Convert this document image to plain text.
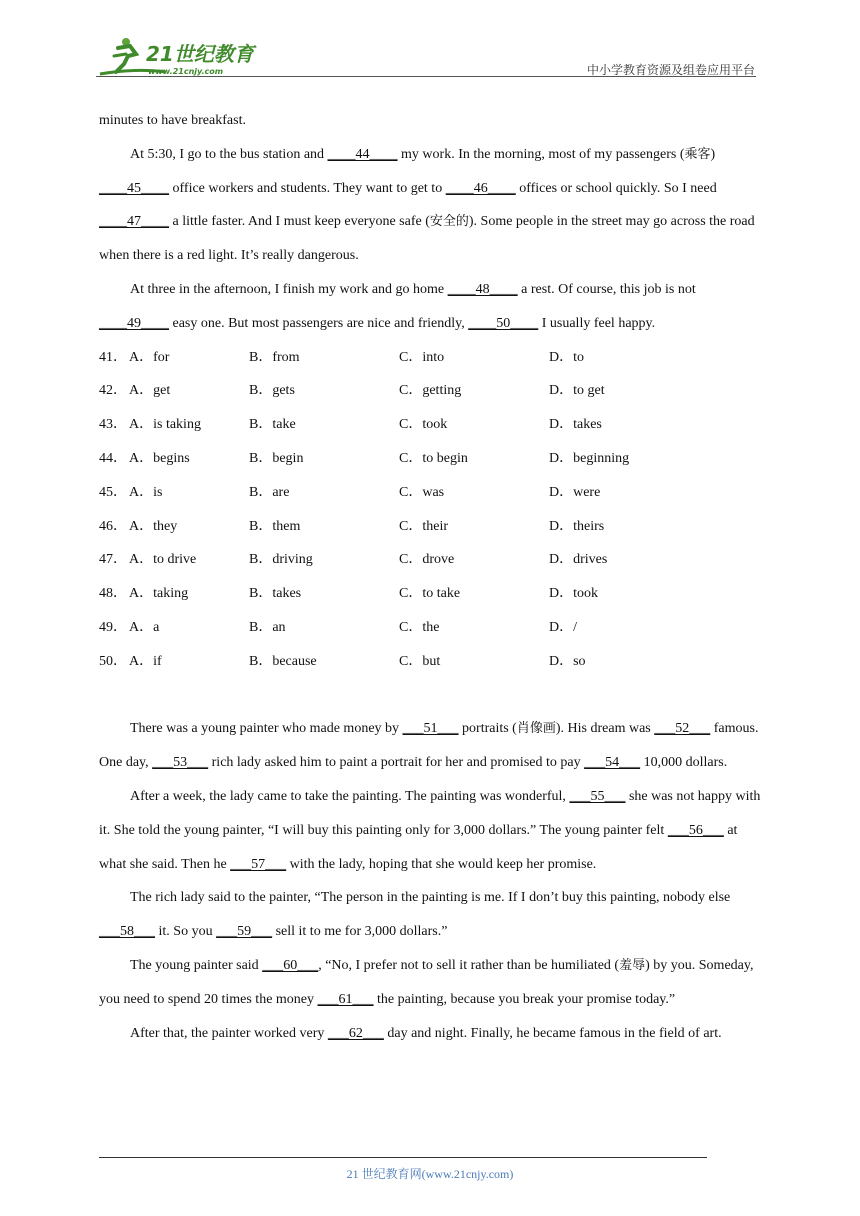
21世纪教育
www.21cnjy.com	中小学教育资源及组卷应用平台

minutes to have breakfast.

At 5:30, I go to the bus station and ____44____ my work. In the morning, most of my passengers (乘客) ____45____ office workers and students. They want to get to ____46____ offices or school quickly. So I need ____47____ a little faster. And I must keep everyone safe (安全的). Some people in the street may go across the road when there is a red light. It’s really dangerous.

At three in the afternoon, I finish my work and go home ____48____ a rest. Of course, this job is not ____49____ easy one. But most passengers are nice and friendly, ____50____ I usually feel happy.

41． A．for	B．from	C．into	D．to
42． A．get	B．gets	C．getting	D．to get
43． A．is taking	B．take	C．took	D．takes
44． A．begins	B．begin	C．to begin	D．beginning
45． A．is	B．are	C．was	D．were
46． A．they	B．them	C．their	D．theirs
47． A．to drive	B．driving	C．drove	D．drives
48． A．taking	B．takes	C．to take	D．took
49． A．a	B．an	C．the	D．/
50． A．if	B．because	C．but	D．so

There was a young painter who made money by ___51___ portraits (肖像画). His dream was ___52___ famous. One day, ___53___ rich lady asked him to paint a portrait for her and promised to pay ___54___ 10,000 dollars.

After a week, the lady came to take the painting. The painting was wonderful, ___55___ she was not happy with it. She told the young painter, “I will buy this painting only for 3,000 dollars.” The young painter felt ___56___ at what she said. Then he ___57___ with the lady, hoping that she would keep her promise.

The rich lady said to the painter, “The person in the painting is me. If I don’t buy this painting, nobody else ___58___ it. So you ___59___ sell it to me for 3,000 dollars.”

The young painter said ___60___, “No, I prefer not to sell it rather than be humiliated (羞辱) by you. Someday, you need to spend 20 times the money ___61___ the painting, because you break your promise today.”

After that, the painter worked very ___62___ day and night. Finally, he became famous in the field of art.

21 世纪教育网(www.21cnjy.com)
